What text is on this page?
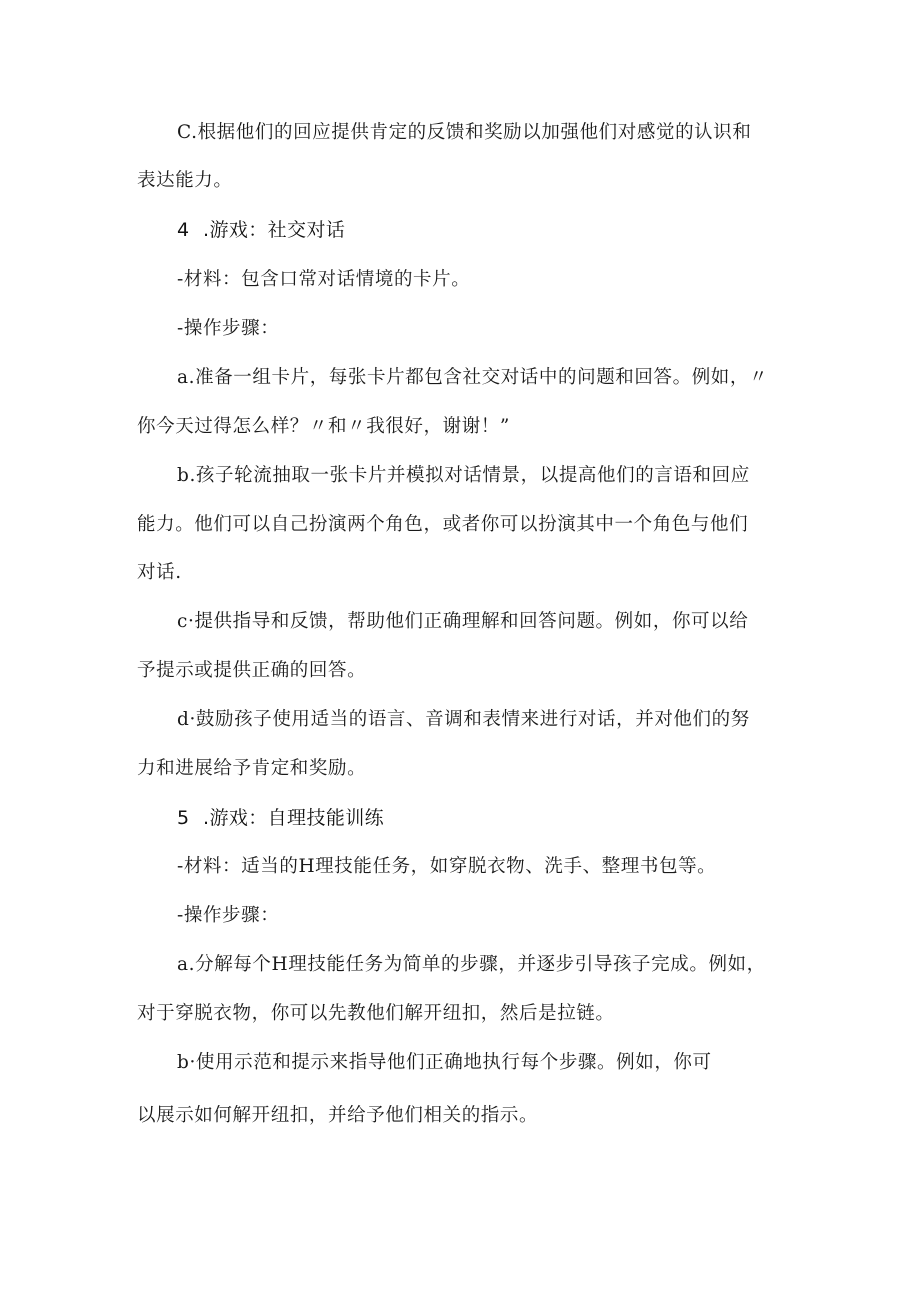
C.根据他们的回应提供肯定的反馈和奖励以加强他们对感觉的认识和

表达能力。

4 .游戏：社交对话

-材料：包含口常对话情境的卡片。

-操作步骤：

a.准备一组卡片，每张卡片都包含社交对话中的问题和回答。例如，〃

你今天过得怎么样？〃和〃我很好，谢谢！”

b.孩子轮流抽取一张卡片并模拟对话情景，以提高他们的言语和回应

能力。他们可以自己扮演两个角色，或者你可以扮演其中一个角色与他们

对话.

c·提供指导和反馈，帮助他们正确理解和回答问题。例如，你可以给

予提示或提供正确的回答。

d·鼓励孩子使用适当的语言、音调和表情来进行对话，并对他们的努

力和进展给予肯定和奖励。

5 .游戏：自理技能训练

-材料：适当的H理技能任务，如穿脱衣物、洗手、整理书包等。

-操作步骤：

a.分解每个H理技能任务为简单的步骤，并逐步引导孩子完成。例如，

对于穿脱衣物，你可以先教他们解开纽扣，然后是拉链。

b·使用示范和提示来指导他们正确地执行每个步骤。例如，你可

以展示如何解开纽扣，并给予他们相关的指示。
